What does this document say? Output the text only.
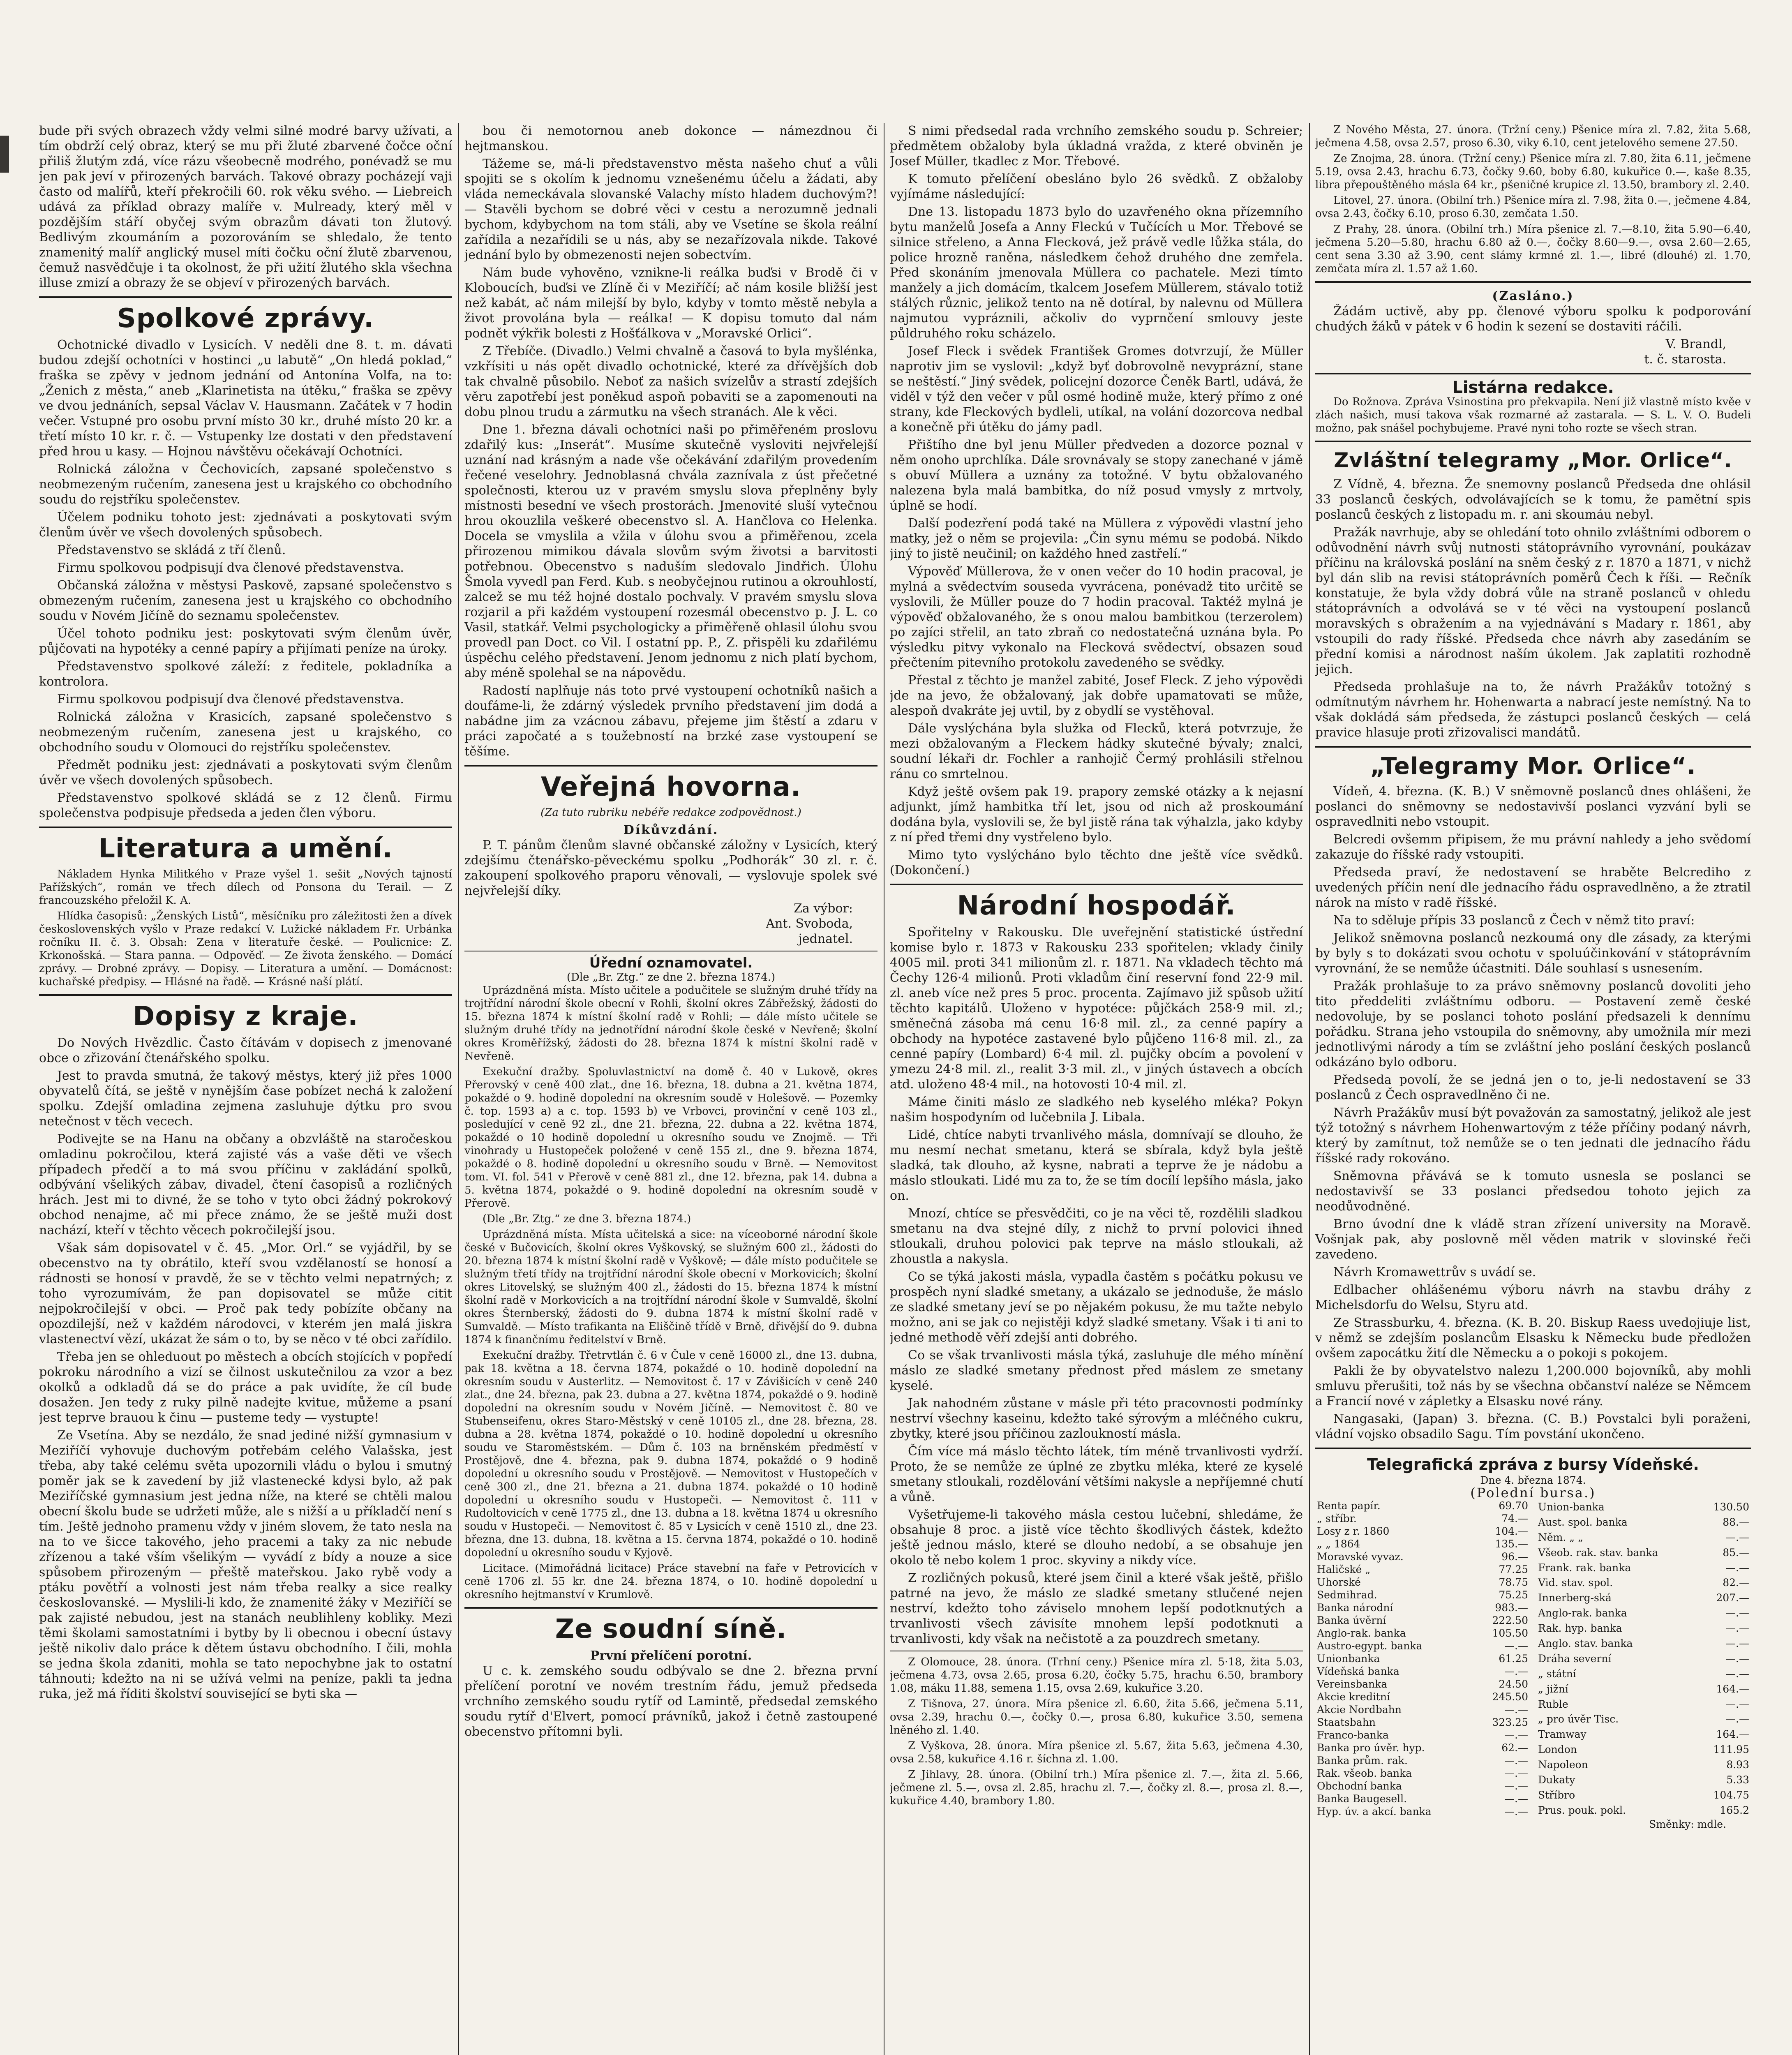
bude při svých obrazech vždy velmi silné modré barvy užívati, a tím obdrží celý obraz, který se mu při žluté zbarvené čočce oční přiliš žlutým zdá, více rázu všeobecně modrého, ponévadž se mu jen pak jeví v přirozených barvách. Takové obrazy pocházejí vaji často od malířů, kteří překročili 60. rok věku svého. — Liebreich udává za příklad obrazy malíře v. Mulready, který měl v pozdějším stáří obyčej svým obrazům dávati ton žlutový. Bedlivým zkoumáním a pozorováním se shledalo, že tento znamenitý malíř anglický musel míti čočku oční žlutě zbarvenou, čemuž nasvědčuje i ta okolnost, že při užití žlutého skla všechna illuse zmizí a obrazy že se objeví v přirozených barvách.

Spolkové zprávy.

Ochotnické divadlo v Lysicích. V neděli dne 8. t. m. dávati budou zdejší ochotníci v hostinci „u labutě“ „On hledá poklad,“ fraška se zpěvy v jednom jednání od Antonína Volfa, na to: „Ženich z města,“ aneb „Klarinetista na útěku,“ fraška se zpěvy ve dvou jednáních, sepsal Václav V. Hausmann. Začátek v 7 hodin večer. Vstupné pro osobu první místo 30 kr., druhé místo 20 kr. a třetí místo 10 kr. r. č. — Vstupenky lze dostati v den představení před hrou u kasy. — Hojnou návštěvu očekávají Ochotníci.

Rolnická záložna v Čechovicích, zapsané společenstvo s neobmezeným ručením, zanesena jest u krajského co obchodního soudu do rejstříku společenstev.

Účelem podniku tohoto jest: zjednávati a poskytovati svým členům úvěr ve všech dovolených spůsobech.

Představenstvo se skládá z tří členů.

Firmu spolkovou podpisují dva členové představenstva.

Občanská záložna v městysi Paskově, zapsané společenstvo s obmezeným ručením, zanesena jest u krajského co obchodního soudu v Novém Jičíně do seznamu společenstev.

Účel tohoto podniku jest: poskytovati svým členům úvěr, půjčovati na hypotéky a cenné papíry a přijímati peníze na úroky.

Představenstvo spolkové záleží: z ředitele, pokladníka a kontrolora.

Firmu spolkovou podpisují dva členové představenstva.

Rolnická záložna v Krasicích, zapsané společenstvo s neobmezeným ručením, zanesena jest u krajského, co obchodního soudu v Olomouci do rejstříku společenstev.

Předmět podniku jest: zjednávati a poskytovati svým členům úvěr ve všech dovolených spůsobech.

Představenstvo spolkové skládá se z 12 členů. Firmu společenstva podpisuje předseda a jeden člen výboru.

Literatura a umění.

Nákladem Hynka Militkého v Praze vyšel 1. sešit „Nových tajností Pařížských“, román ve třech dílech od Ponsona du Terail. — Z francouzského přeložil K. A.

Hlídka časopisů: „Ženských Listů“, měsíčníku pro záležitosti žen a dívek československých vyšlo v Praze redakcí V. Lužické nákladem Fr. Urbánka ročníku II. č. 3. Obsah: Zena v literatuře české. — Poulicnice: Z. Krkonošská. — Stara panna. — Odpověď. — Ze života ženského. — Domácí zprávy. — Drobné zprávy. — Dopisy. — Literatura a umění. — Domácnost: kuchařské předpisy. — Hlásné na řadě. — Krásné naší plátí.

Dopisy z kraje.

Do Nových Hvězdlic. Často čítávám v dopisech z jmenované obce o zřizování čtenářského spolku.

Jest to pravda smutná, že takový městys, který již přes 1000 obyvatelů čítá, se ještě v nynějším čase pobízet nechá k založení spolku. Zdejší omladina zejmena zasluhuje dýtku pro svou netečnost v těch vecech.

Podivejte se na Hanu na občany a obzvláště na staročeskou omladinu pokročilou, která zajisté vás a vaše děti ve všech případech předčí a to má svou příčinu v zakládání spolků, odbývání všelikých zábav, divadel, čtení časopisů a rozličných hrách. Jest mi to divné, že se toho v tyto obci žádný pokrokový obchod nenajme, ač mi přece známo, že se ještě muži dost nachází, kteří v těchto věcech pokročilejší jsou.

Však sám dopisovatel v č. 45. „Mor. Orl.“ se vyjádřil, by se obecenstvo na ty obrátilo, kteří svou vzdělaností se honosí a rádnosti se honosí v pravdě, že se v těchto velmi nepatrných; z toho vyrozumívám, že pan dopisovatel se může citit nejpokročilejší v obci. — Proč pak tedy pobízíte občany na opozdilejší, než v každém národovci, v kterém jen malá jiskra vlastenectví vězí, ukázat že sám o to, by se něco v té obci zařídilo.

Třeba jen se ohleduout po městech a obcích stojících v popředí pokroku národního a vizí se čilnost uskutečnilou za vzor a bez okolků a odkladů dá se do práce a pak uvidíte, že cíl bude dosažen. Jen tedy z ruky pilně nadejte kvitue, můžeme a psaní jest teprve brauou k činu — pusteme tedy — vystupte!

Ze Vsetína. Aby se nezdálo, že snad jediné nižší gymnasium v Meziříčí vyhovuje duchovým potřebám celého Valašska, jest třeba, aby také celému světa upozornili vládu o bylou i smutný poměr jak se k zavedení by již vlastenecké kdysi bylo, až pak Meziříčské gymnasium jest jedna níže, na které se chtěli malou obecní školu bude se udržeti může, ale s nižší a u příkladčí není s tím. Ještě jednoho pramenu vždy v jiném slovem, že tato nesla na na to ve šicce takového, jeho pracemi a taky za nic nebude zřízenou a také vším všelikým — vyvádí z bídy a nouze a sice spůsobem přirozeným — přeště mateřskou. Jako rybě vody a ptáku povětří a volnosti jest nám třeba realky a sice realky českoslovanské. — Myslili-li kdo, že znamenité žáky v Meziříčí se pak zajisté nebudou, jest na stanách neublihleny kobliky. Mezi těmi školami samostatními i bytby by li obecnou i obecní ústavy ještě nikoliv dalo práce k dětem ústavu obchodního. I čili, mohla se jedna škola zdaniti, mohla se tato nepochybne jak to ostatní táhnouti; kdežto na ni se užívá velmi na peníze, pakli ta jedna ruka, jež má říditi školství související se byti ska —

bou či nemotornou aneb dokonce — námezdnou či hejtmanskou.

Tážeme se, má-li představenstvo města našeho chuť a vůli spojiti se s okolím k jednomu vznešenému účelu a žádati, aby vláda nemeckávala slovanské Valachy místo hladem duchovým?! — Stavěli bychom se dobré věci v cestu a nerozumně jednali bychom, kdybychom na tom stáli, aby ve Vsetíne se škola reální zařídila a nezařídili se u nás, aby se nezařízovala nikde. Takové jednání bylo by obmezenosti nejen sobectvím.

Nám bude vyhověno, vznikne-li reálka buďsi v Brodě či v Kloboucích, buďsi ve Zlíně či v Meziříčí; ač nám kosile bližší jest než kabát, ač nám milejší by bylo, kdyby v tomto městě nebyla a život provolána byla — reálka! — K dopisu tomuto dal nám podnět výkřik bolesti z Hošťálkova v „Moravské Orlici“.

Z Třebíče. (Divadlo.) Velmi chvalně a časová to byla myšlénka, vzkřísiti u nás opět divadlo ochotnické, které za dřívějších dob tak chvalně působilo. Neboť za našich svízelův a strastí zdejších věru zapotřebí jest poněkud aspoň pobaviti se a zapomenouti na dobu plnou trudu a zármutku na všech stranách. Ale k věci.

Dne 1. března dávali ochotníci naši po přiměřeném proslovu zdařilý kus: „Inserát“. Musíme skutečně vysloviti nejvřelejší uznání nad krásným a nade vše očekávání zdařilým provedením řečené veselohry. Jednoblasná chvála zaznívala z úst přečetné společnosti, kterou uz v pravém smyslu slova přeplněny byly místnosti besední ve všech prostorách. Jmenovité sluší vytečnou hrou okouzlila veškeré obecenstvo sl. A. Hančlova co Helenka. Docela se vmyslila a vžila v úlohu svou a přiměřenou, zcela přirozenou mimikou dávala slovům svým životsi a barvitosti potřebnou. Obecenstvo s naduším sledovalo Jindřich. Úlohu Šmola vyvedl pan Ferd. Kub. s neobyčejnou rutinou a okrouhlostí, zalcež se mu též hojné dostalo pochvaly. V pravém smyslu slova rozjaril a při každém vystoupení rozesmál obecenstvo p. J. L. co Vasil, statkář. Velmi psychologicky a přiměřeně ohlasil úlohu svou provedl pan Doct. co Vil. I ostatní pp. P., Z. přispěli ku zdařilému úspěchu celého představení. Jenom jednomu z nich platí bychom, aby méně spolehal se na nápovědu.

Radostí naplňuje nás toto prvé vystoupení ochotníků našich a doufáme-li, že zdárný výsledek prvního představení jim dodá a nabádne jim za vzácnou zábavu, přejeme jim štěstí a zdaru v práci započaté a s toužebností na brzké zase vystoupení se těšíme.

Veřejná hovorna.
(Za tuto rubriku nebéře redakce zodpovědnost.)
Díkůvzdání.

P. T. pánům členům slavné občanské záložny v Lysicích, který zdejšímu čtenářsko-pěveckému spolku „Podhorák“ 30 zl. r. č. zakoupení spolkového praporu věnovali, — vyslovuje spolek své nejvřelejší díky.

Za výbor:
Ant. Svoboda,
jednatel.
Úřední oznamovatel.
(Dle „Br. Ztg.“ ze dne 2. března 1874.)

Uprázdněná místa. Místo učitele a podučitele se služným druhé třídy na trojtřídní národní škole obecní v Rohli, školní okres Zábřežský, žádosti do 15. března 1874 k místní školní radě v Rohli; — dále místo učitele se služným druhé třídy na jednotřídní národní škole české v Nevřeně; školní okres Kroměřížský, žádosti do 28. března 1874 k místní školní radě v Nevřeně.

Exekuční dražby. Spoluvlastnictví na domě č. 40 v Lukově, okres Přerovský v ceně 400 zlat., dne 16. března, 18. dubna a 21. května 1874, pokaždé o 9. hodině dopolední na okresním soudě v Holešově. — Pozemky č. top. 1593 a) a c. top. 1593 b) ve Vrbovci, provinční v ceně 103 zl., posledující v ceně 92 zl., dne 21. března, 22. dubna a 22. května 1874, pokaždé o 10 hodině dopolední u okresního soudu ve Znojmě. — Tři vinohrady u Hustopeček položené v ceně 155 zl., dne 9. března 1874, pokaždé o 8. hodině dopolední u okresního soudu v Brně. — Nemovitost tom. VI. fol. 541 v Přerově v ceně 881 zl., dne 12. března, pak 14. dubna a 5. května 1874, pokaždé o 9. hodině dopolední na okresním soudě v Přerově.

(Dle „Br. Ztg.“ ze dne 3. března 1874.)

Uprázdněná místa. Místa učitelská a sice: na víceoborné národní škole české v Bučovicích, školní okres Vyškovský, se služným 600 zl., žádosti do 20. března 1874 k místní školní radě v Vyškově; — dále místo podučitele se služným třetí třídy na trojtřídní národní škole obecní v Morkovicích; školní okres Litovelský, se služným 400 zl., žádosti do 15. března 1874 k místní školní radě v Morkovicích a na trojtřídní národní škole v Sumvaldě, školní okres Šternberský, žádosti do 9. dubna 1874 k místní školní radě v Sumvaldě. — Místo trafikanta na Eliščině třídě v Brně, dřivější do 9. dubna 1874 k finančnímu ředitelství v Brně.

Exekuční dražby. Třetrvtlán č. 6 v Čule v ceně 16000 zl., dne 13. dubna, pak 18. května a 18. června 1874, pokaždé o 10. hodině dopolední na okresním soudu v Austerlitz. — Nemovitost č. 17 v Závišicích v ceně 240 zlat., dne 24. března, pak 23. dubna a 27. května 1874, pokaždé o 9. hodině dopolední na okresním soudu v Novém Jičíně. — Nemovitost č. 80 ve Stubenseifenu, okres Staro-Městský v ceně 10105 zl., dne 28. března, 28. dubna a 28. května 1874, pokaždé o 10. hodině dopolední u okresního soudu ve Staroměstském. — Dům č. 103 na brněnském předměstí v Prostějově, dne 4. března, pak 9. dubna 1874, pokaždé o 9 hodině dopolední u okresního soudu v Prostějově. — Nemovitost v Hustopečích v ceně 300 zl., dne 21. března a 21. dubna 1874. pokaždé o 10 hodině dopolední u okresního soudu v Hustopeči. — Nemovitost č. 111 v Rudoltovicích v ceně 1775 zl., dne 13. dubna a 18. května 1874 u okresního soudu v Hustopeči. — Nemovitost č. 85 v Lysicích v ceně 1510 zl., dne 23. března, dne 13. dubna, 18. května a 15. června 1874, pokaždé o 10. hodině dopolední u okresního soudu v Kyjově.

Licitace. (Mimořádná licitace) Práce stavební na faře v Petrovicích v ceně 1706 zl. 55 kr. dne 24. března 1874, o 10. hodině dopolední u okresního hejtmanství v Krumlově.

Ze soudní síně.
První přelíčení porotní.

U c. k. zemského soudu odbývalo se dne 2. března první přelíčení porotní ve novém trestním řádu, jemuž předseda vrchního zemského soudu rytíř od Lamintě, předsedal zemského soudu rytíř d'Elvert, pomocí právníků, jakož i četně zastoupené obecenstvo přítomni byli.

S nimi předsedal rada vrchního zemského soudu p. Schreier; předmětem obžaloby byla úkladná vražda, z které obviněn je Josef Müller, tkadlec z Mor. Třebové.

K tomuto přelíčení obesláno bylo 26 svědků. Z obžaloby vyjímáme následující:

Dne 13. listopadu 1873 bylo do uzavřeného okna přízemního bytu manželů Josefa a Anny Fleckú v Tučících u Mor. Třebové se silnice střeleno, a Anna Flecková, jež právě vedle lůžka stála, do police hrozně raněna, následkem čehož druhého dne zemřela. Před skonáním jmenovala Müllera co pachatele. Mezi tímto manžely a jich domácím, tkalcem Josefem Müllerem, stávalo totiž stálých různic, jelikož tento na ně dotíral, by nalevnu od Müllera najmutou vypráznili, ačkoliv do vyprnčení smlouvy jeste půldruhého roku scházelo.

Josef Fleck i svědek František Gromes dotvrzují, že Müller naprotiv jim se vyslovil: „když byť dobrovolně nevyprázní, stane se neštěstí.“ Jiný svědek, policejní dozorce Čeněk Bartl, udává, že viděl v týž den večer v půl osmé hodině muže, který přímo z oné strany, kde Fleckových bydleli, utíkal, na volání dozorcova nedbal a konečně při útěku do jámy padl.

Přištího dne byl jenu Müller předveden a dozorce poznal v něm onoho uprchlíka. Dále srovnávaly se stopy zanechané v jámě s obuví Müllera a uznány za totožné. V bytu obžalovaného nalezena byla malá bambitka, do níž posud vmysly z mrtvoly, úplně se hodí.

Další podezření podá také na Müllera z výpovědi vlastní jeho matky, jež o něm se projevila: „Čin synu mému se podobá. Nikdo jiný to jistě neučinil; on každého hned zastřelí.“

Výpověď Müllerova, že v onen večer do 10 hodin pracoval, je mylná a svědectvím souseda vyvrácena, ponévadž tito určitě se vyslovili, že Müller pouze do 7 hodin pracoval. Taktéž mylná je výpověď obžalovaného, že s onou malou bambitkou (terzerolem) po zajíci střelil, an tato zbraň co nedostatečná uznána byla. Po výsledku pitvy vykonalo na Flecková svědectví, obsazen soud přečtením pitevního protokolu zavedeného se svědky.

Přestal z těchto je manžel zabité, Josef Fleck. Z jeho výpovědi jde na jevo, že obžalovaný, jak dobře upamatovati se může, alespoň dvakráte jej uvtil, by z obydlí se vystěhoval.

Dále vyslýchána byla služka od Flecků, která potvrzuje, že mezi obžalovaným a Fleckem hádky skutečné bývaly; znalci, soudní lékaři dr. Fochler a ranhojič Čermý prohlásili střelnou ránu co smrtelnou.

Když ještě ovšem pak 19. prapory zemské otázky a k nejasní adjunkt, jímž hambitka tří let, jsou od nich až proskoumání dodána byla, vyslovili se, že byl jistě rána tak výhalzla, jako kdyby z ní před třemi dny vystřeleno bylo.

Mimo tyto vyslýcháno bylo těchto dne ještě více svědků. (Dokončení.)

Národní hospodář.

Spořitelny v Rakousku. Dle uveřejnění statistické ústřední komise bylo r. 1873 v Rakousku 233 spořitelen; vklady činily 4005 mil. proti 341 milionům zl. r. 1871. Na vkladech těchto má Čechy 126·4 milionů. Proti vkladům činí reservní fond 22·9 mil. zl. aneb více než pres 5 proc. procenta. Zajímavo již spůsob užití těchto kapitálů. Uloženo v hypotéce: půjčkách 258·9 mil. zl.; směnečná zásoba má cenu 16·8 mil. zl., za cenné papíry a obchody na hypotéce zastavené bylo půjčeno 116·8 mil. zl., za cenné papíry (Lombard) 6·4 mil. zl. pujčky obcím a povolení v ymezu 24·8 mil. zl., realit 3·3 mil. zl., v jiných ústavech a obcích atd. uloženo 48·4 mil., na hotovosti 10·4 mil. zl.

Máme činiti máslo ze sladkého neb kyselého mléka? Pokyn našim hospodyním od lučebnila J. Libala.

Lidé, chtíce nabyti trvanlivého másla, domnívají se dlouho, že mu nesmí nechat smetanu, která se sbírala, když byla ještě sladká, tak dlouho, až kysne, nabrati a teprve že je nádobu a máslo stloukati. Lidé mu za to, že se tím docílí lepšího másla, jako on.

Mnozí, chtíce se přesvědčiti, co je na věci tě, rozdělili sladkou smetanu na dva stejné díly, z nichž to první polovici ihned stloukali, druhou polovici pak teprve na máslo stloukali, až zhoustla a nakysla.

Co se týká jakosti másla, vypadla častěm s počátku pokusu ve prospěch nyní sladké smetany, a ukázalo se jednoduše, že máslo ze sladké smetany jeví se po nějakém pokusu, že mu tažte nebylo možno, ani se jak co nejistěji když sladké smetany. Však i ti ani to jedné methodě věří zdejší anti dobrého.

Co se však trvanlivosti másla týká, zasluhuje dle mého mínění máslo ze sladké smetany přednost před máslem ze smetany kyselé.

Jak nahodném zůstane v másle při této pracovnosti podmínky nestrví všechny kaseinu, kdežto také sýrovým a mléčného cukru, zbytky, které jsou příčinou zazloukností másla.

Čím více má máslo těchto látek, tím méně trvanlivosti vydrží. Proto, že se nemůže ze úplné ze zbytku mléka, které ze kyselé smetany stloukali, rozdělování většími nakysle a nepříjemné chutí a vůně.

Vyšetřujeme-li takového másla cestou lučební, shledáme, že obsahuje 8 proc. a jistě více těchto škodlivých částek, kdežto ještě jednou máslo, které se dlouho nedobí, a se obsahuje jen okolo tě nebo kolem 1 proc. skyviny a nikdy více.

Z rozličných pokusů, které jsem činil a které však ještě, přišlo patrné na jevo, že máslo ze sladké smetany stlučené nejen nestrví, kdežto toho záviselo mnohem lepší podotknutých a trvanlivosti všech závisíte mnohem lepší podotknuti a trvanlivosti, kdy však na nečistotě a za pouzdrech smetany.

Z Olomouce, 28. února. (Trhní ceny.) Pšenice míra zl. 5·18, žita 5.03, ječmena 4.73, ovsa 2.65, prosa 6.20, čočky 5.75, hrachu 6.50, brambory 1.08, máku 11.88, semena 1.15, ovsa 2.69, kukuřice 3.20.

Z Tišnova, 27. února. Míra pšenice zl. 6.60, žita 5.66, ječmena 5.11, ovsa 2.39, hrachu 0.—, čočky 0.—, prosa 6.80, kukuřice 3.50, semena lněného zl. 1.40.

Z Vyškova, 28. února. Míra pšenice zl. 5.67, žita 5.63, ječmena 4.30, ovsa 2.58, kukuřice 4.16 r. šíchna zl. 1.00.

Z Jihlavy, 28. února. (Obilní trh.) Míra pšenice zl. 7.—, žita zl. 5.66, ječmene zl. 5.—, ovsa zl. 2.85, hrachu zl. 7.—, čočky zl. 8.—, prosa zl. 8.—, kukuřice 4.40, brambory 1.80.

Z Nového Města, 27. února. (Tržní ceny.) Pšenice míra zl. 7.82, žita 5.68, ječmena 4.58, ovsa 2.57, proso 6.30, viky 6.10, cent jetelového semene 27.50.

Ze Znojma, 28. února. (Tržní ceny.) Pšenice míra zl. 7.80, žita 6.11, ječmene 5.19, ovsa 2.43, hrachu 6.73, čočky 9.60, boby 6.80, kukuřice 0.—, kaše 8.35, libra přepouštěného másla 64 kr., pšeničné krupice zl. 13.50, brambory zl. 2.40.

Litovel, 27. února. (Obilní trh.) Pšenice míra zl. 7.98, žita 0.—, ječmene 4.84, ovsa 2.43, čočky 6.10, proso 6.30, zemčata 1.50.

Z Prahy, 28. února. (Obilní trh.) Míra pšenice zl. 7.—8.10, žita 5.90—6.40, ječmena 5.20—5.80, hrachu 6.80 až 0.—, čočky 8.60—9.—, ovsa 2.60—2.65, cent sena 3.30 až 3.90, cent slámy krmné zl. 1.—, libré (dlouhé) zl. 1.70, zemčata míra zl. 1.57 až 1.60.

(Zasláno.)

Žádám uctivě, aby pp. členové výboru spolku k podporování chudých žáků v pátek v 6 hodin k sezení se dostaviti ráčili.

V. Brandl,
t. č. starosta.
Listárna redakce.

Do Rožnova. Zpráva Vsinostina pro překvapila. Není již vlastně místo kvěe v zlách našich, musí takova však rozmarné až zastarala. — S. L. V. O. Budeli možno, pak snášel pochybujeme. Pravé nyni toho rozte se všech stran.

Zvláštní telegramy „Mor. Orlice“.

Z Vídně, 4. března. Že snemovny poslanců Předseda dne ohlásil 33 poslanců českých, odvolávajících se k tomu, že pamětní spis poslanců českých z listopadu m. r. ani skoumáu nebyl.

Pražák navrhuje, aby se ohledání toto ohnilo zvláštními odborem o odůvodnění návrh svůj nutnosti státoprávního vyrovnání, poukázav příčinu na královská poslání na sněm český z r. 1870 a 1871, v nichž byl dán slib na revisi státoprávních poměrů Čech k říši. — Rečník konstatuje, že byla vždy dobrá vůle na straně poslanců v ohledu státoprávních a odvolává se v té věci na vystoupení poslanců moravských s obražením a na vyjednávání s Madary r. 1861, aby vstoupili do rady říšské. Předseda chce návrh aby zasedáním se přední komisi a národnost naším úkolem. Jak zaplatiti rozhodně jejich.

Předseda prohlašuje na to, že návrh Pražákův totožný s odmítnutým návrhem hr. Hohenwarta a nabrací jeste nemístný. Na to však dokládá sám předseda, že zástupci poslanců českých — celá pravice hlasuje proti zřizovalisci mandátů.

„Telegramy Mor. Orlice“.

Vídeň, 4. března. (K. B.) V sněmovně poslanců dnes ohlášeni, že poslanci do sněmovny se nedostavivší poslanci vyzvání byli se ospravedlniti nebo vstoupit.

Belcredi ovšemm připisem, že mu právní nahledy a jeho svědomí zakazuje do říšské rady vstoupiti.

Předseda praví, že nedostavení se hraběte Belcrediho z uvedených příčin není dle jednacího řádu ospravedlněno, a že ztratil nárok na místo v radě říšské.

Na to sděluje přípis 33 poslanců z Čech v němž tito praví:

Jelikož sněmovna poslanců nezkoumá ony dle zásady, za kterými by byly s to dokázati svou ochotu v spoluúčinkování v státoprávním vyrovnání, že se nemůže účastniti. Dále souhlasí s usnesením.

Pražák prohlašuje to za právo sněmovny poslanců dovoliti jeho tito předdeliti zvláštnímu odboru. — Postavení země české nedovoluje, by se poslanci tohoto poslání předsazeli k dennímu pořádku. Strana jeho vstoupila do sněmovny, aby umožnila mír mezi jednotlivými národy a tím se zvláštní jeho poslání českých poslanců odkázáno bylo odboru.

Předseda povolí, že se jedná jen o to, je-li nedostavení se 33 poslanců z Čech ospravedlněno či ne.

Návrh Pražákův musí být považován za samostatný, jelikož ale jest týž totožný s návrhem Hohenwartovým z téže příčiny podaný návrh, který by zamítnut, tož nemůže se o ten jednati dle jednacího řádu říšské rady rokováno.

Sněmovna přávává se k tomuto usnesla se poslanci se nedostavivší se 33 poslanci předsedou tohoto jejich za neodůvodněné.

Brno úvodní dne k vládě stran zřízení university na Moravě. Vošnjak pak, aby poslovně měl věden matrik v slovinské řeči zavedeno.

Návrh Kromawettrův s uvádí se.

Edlbacher ohlášenému výboru návrh na stavbu dráhy z Michelsdorfu do Welsu, Styru atd.

Ze Strassburku, 4. března. (K. B. 20. Biskup Raess uvedojiuje list, v němž se zdejším poslancům Elsasku k Německu bude předložen ovšem zapocátku žití dle Německu a o pokoji s pokojem.

Pakli že by obyvatelstvo nalezu 1,200.000 bojovníků, aby mohli smluvu přerušiti, tož nás by se všechna občanství naléze se Němcem a Francií nové v zápletky a Elsasku nové rány.

Nangasaki, (Japan) 3. března. (C. B.) Povstalci byli poraženi, vládní vojsko obsadilo Sagu. Tím povstání ukončeno.

Telegrafická zpráva z bursy Vídeňské.
Dne 4. března 1874.
(Polední bursa.)
Renta papír.	69.70
„ stříbr.	74.—
Losy z r. 1860	104.—
„ „ 1864	135.—
Moravské vyvaz.	96.—
Haličské „	77.25
Uhorské	78.75
Sedmihrad.	75.25
Banka národní	983.—
Banka úvěrní	222.50
Anglo-rak. banka	105.50
Austro-egypt. banka	—.—
Unionbanka	61.25
Vídeňská banka	—.—
Vereinsbanka	24.50
Akcie kreditní	245.50
Akcie Nordbahn	—.—
Staatsbahn	323.25
Franco-banka	—.—
Banka pro úvěr. hyp.	62.—
Banka prům. rak.	—.—
Rak. všeob. banka	—.—
Obchodní banka	—.—
Banka Baugesell.	—.—
Hyp. úv. a akcí. banka	—.—
Union-banka	130.50
Aust. spol. banka	88.—
Něm. „ „	—.—
Všeob. rak. stav. banka	85.—
Frank. rak. banka	—.—
Vid. stav. spol.	82.—
Innerberg-ská	207.—
Anglo-rak. banka	—.—
Rak. hyp. banka	—.—
Anglo. stav. banka	—.—
Dráha severní	—.—
„ státní	—.—
„ jižní	164.—
Ruble	—.—
„ pro úvěr Tisc.	—.—
Tramway	164.—
London	111.95
Napoleon	8.93
Dukaty	5.33
Stříbro	104.75
Prus. pouk. pokl.	165.2
Směnky: mdle.
